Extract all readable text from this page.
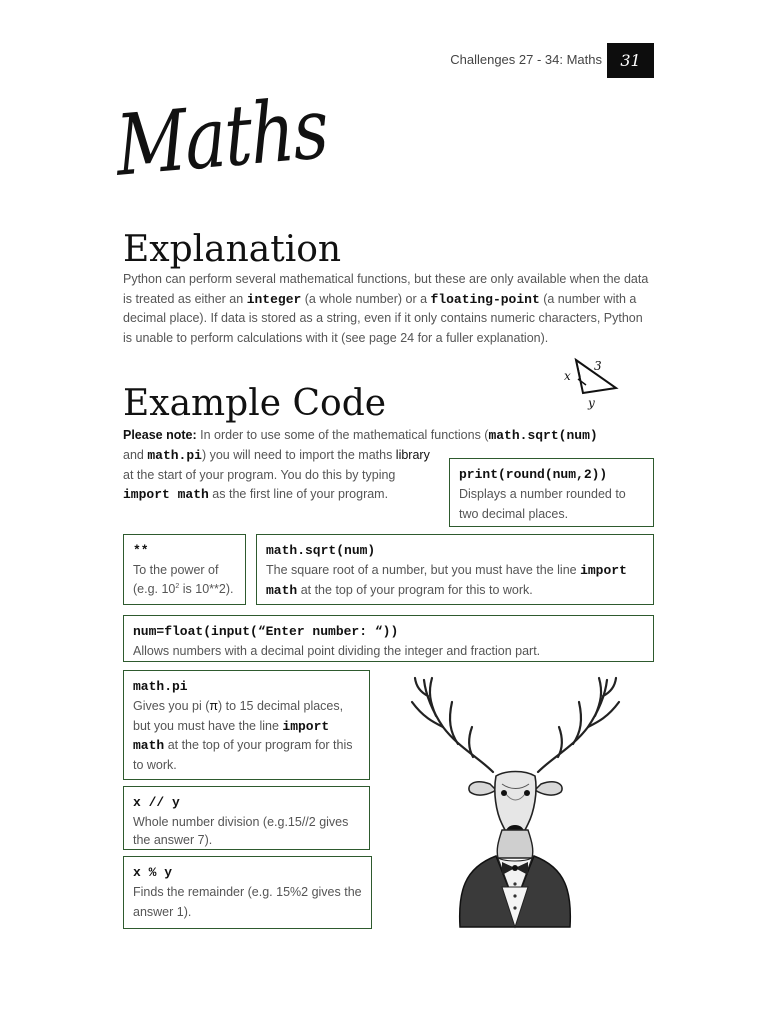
Challenges 27 - 34: Maths	31
Maths
Explanation
Python can perform several mathematical functions, but these are only available when the data is treated as either an integer (a whole number) or a floating-point (a number with a decimal place). If data is stored as a string, even if it only contains numeric characters, Python is unable to perform calculations with it (see page 24 for a fuller explanation).
x
3
y
Example Code
Please note: In order to use some of the mathematical functions (math.sqrt(num)
and math.pi) you will need to import the maths library at the start of your program. You do this by typing import math as the first line of your program.
print(round(num,2))
Displays a number rounded to two decimal places.
**
To the power of (e.g. $10^2$ is 10**2).
math.sqrt(num)
The square root of a number, but you must have the line import math at the top of your program for this to work.
num=float(input(“Enter number: “))
Allows numbers with a decimal point dividing the integer and fraction part.
math.pi
Gives you pi (π) to 15 decimal places, but you must have the line import math at the top of your program for this to work.
x // y
Whole number division (e.g.15//2 gives the answer 7).
x % y
Finds the remainder (e.g. 15%2 gives the answer 1).
